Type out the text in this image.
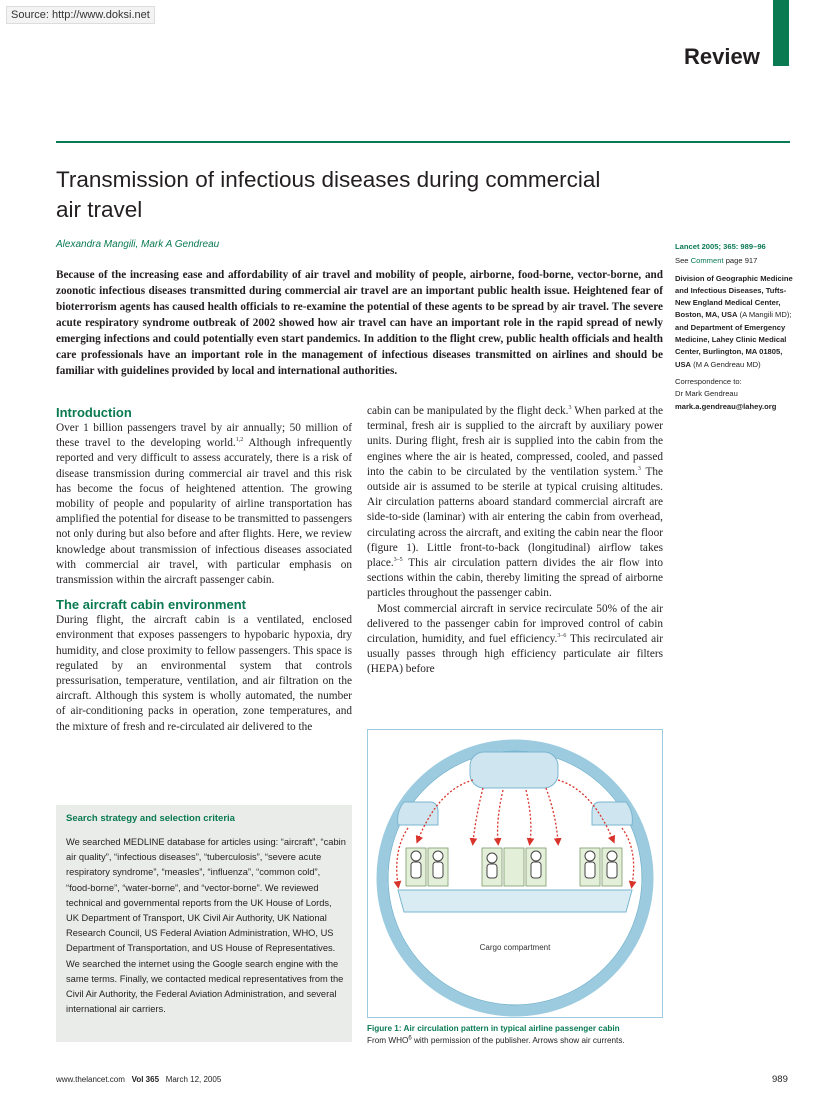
Source: http://www.doksi.net
Review
Transmission of infectious diseases during commercial
air travel
Alexandra Mangili, Mark A Gendreau
Because of the increasing ease and affordability of air travel and mobility of people, airborne, food-borne, vector-borne, and zoonotic infectious diseases transmitted during commercial air travel are an important public health issue. Heightened fear of bioterrorism agents has caused health officials to re-examine the potential of these agents to be spread by air travel. The severe acute respiratory syndrome outbreak of 2002 showed how air travel can have an important role in the rapid spread of newly emerging infections and could potentially even start pandemics. In addition to the flight crew, public health officials and health care professionals have an important role in the management of infectious diseases transmitted on airlines and should be familiar with guidelines provided by local and international authorities.
Lancet 2005; 365: 989–96
See Comment page 917
Division of Geographic Medicine and Infectious Diseases, Tufts-New England Medical Center, Boston, MA, USA (A Mangili MD); and Department of Emergency Medicine, Lahey Clinic Medical Center, Burlington, MA 01805, USA (M A Gendreau MD)
Correspondence to:
Dr Mark Gendreau
mark.a.gendreau@lahey.org
Introduction

Over 1 billion passengers travel by air annually; 50 million of these travel to the developing world.$^{1,2}$ Although infrequently reported and very difficult to assess accurately, there is a risk of disease transmission during commercial air travel and this risk has become the focus of heightened attention. The growing mobility of people and popularity of airline transportation has amplified the potential for disease to be transmitted to passengers not only during but also before and after flights. Here, we review knowledge about transmission of infectious diseases associated with commercial air travel, with particular emphasis on transmission within the aircraft passenger cabin.

The aircraft cabin environment

During flight, the aircraft cabin is a ventilated, enclosed environment that exposes passengers to hypobaric hypoxia, dry humidity, and close proximity to fellow passengers. This space is regulated by an environmental system that controls pressurisation, temperature, ventilation, and air filtration on the aircraft. Although this system is wholly automated, the number of air-conditioning packs in operation, zone temperatures, and the mixture of fresh and re-circulated air delivered to the

cabin can be manipulated by the flight deck.$^3$ When parked at the terminal, fresh air is supplied to the aircraft by auxiliary power units. During flight, fresh air is supplied into the cabin from the engines where the air is heated, compressed, cooled, and passed into the cabin to be circulated by the ventilation system.$^3$ The outside air is assumed to be sterile at typical cruising altitudes. Air circulation patterns aboard standard commercial aircraft are side-to-side (laminar) with air entering the cabin from overhead, circulating across the aircraft, and exiting the cabin near the floor (figure 1). Little front-to-back (longitudinal) airflow takes place.$^{3-5}$ This air circulation pattern divides the air flow into sections within the cabin, thereby limiting the spread of airborne particles throughout the passenger cabin.

Most commercial aircraft in service recirculate 50% of the air delivered to the passenger cabin for improved control of cabin circulation, humidity, and fuel efficiency.$^{3-6}$ This recirculated air usually passes through high efficiency particulate air filters (HEPA) before

Search strategy and selection criteria
We searched MEDLINE database for articles using: “aircraft”, “cabin air quality”, “infectious diseases”, “tuberculosis”, “severe acute respiratory syndrome”, “measles”, “influenza”, “common cold”, “food-borne”, “water-borne”, and “vector-borne”. We reviewed technical and governmental reports from the UK House of Lords, UK Department of Transport, UK Civil Air Authority, UK National Research Council, US Federal Aviation Administration, WHO, US Department of Transportation, and US House of Representatives. We searched the internet using the Google search engine with the same terms. Finally, we contacted medical representatives from the Civil Air Authority, the Federal Aviation Administration, and several international air carriers.
Cargo compartment
Figure 1: Air circulation pattern in typical airline passenger cabin
From WHO$^6$ with permission of the publisher. Arrows show air currents.
www.thelancet.com Vol 365 March 12, 2005	989
